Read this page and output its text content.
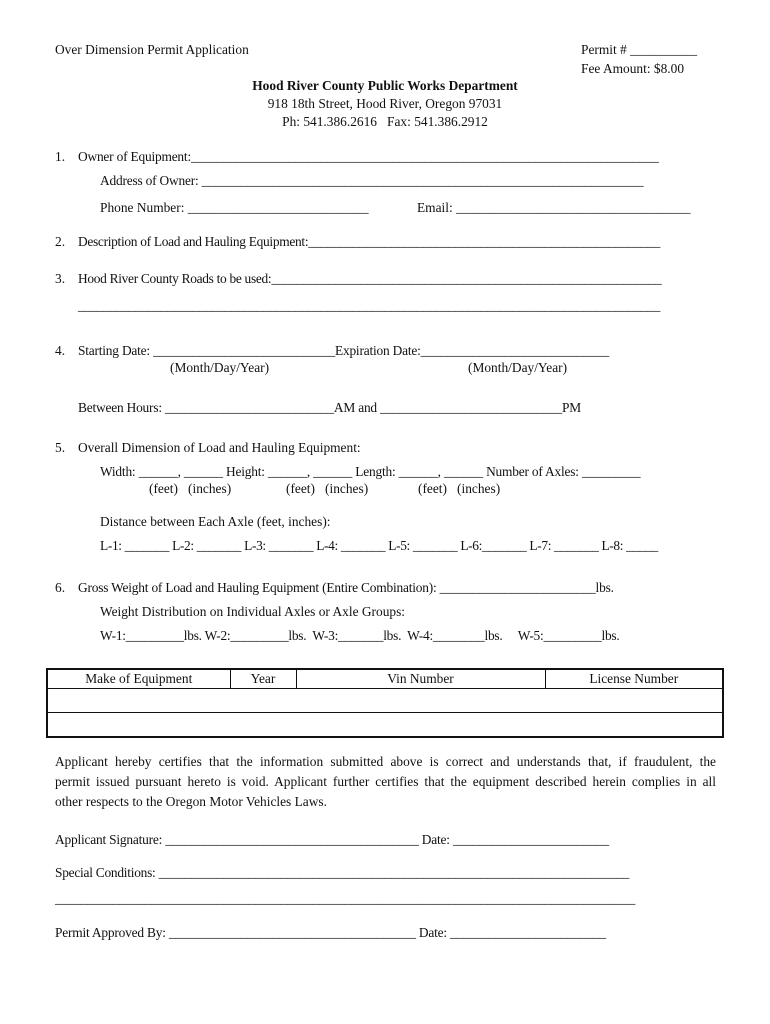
Over Dimension Permit Application	Permit # __________
Fee Amount: $8.00
Hood River County Public Works Department
918 18th Street, Hood River, Oregon 97031
Ph: 541.386.2616   Fax: 541.386.2912
1. Owner of Equipment:________________________________________________________________________
Address of Owner: ____________________________________________________________________
Phone Number: ___________________________	Email: ___________________________________
2. Description of Load and Hauling Equipment:_______________________________________________________
3. Hood River County Roads to be used:_____________________________________________________________
___________________________________________________________________________________________
4. Starting Date: ____________________________Expiration Date:_____________________________
(Month/Day/Year)	(Month/Day/Year)
Between Hours: __________________________AM and ____________________________PM
5. Overall Dimension of Load and Hauling Equipment:
Width: ______, ______ Height: ______, ______ Length: ______, ______ Number of Axles: _________
(feet)   (inches)	(feet)   (inches)	(feet)   (inches)
Distance between Each Axle (feet, inches):
L-1: _______ L-2: _______ L-3: _______ L-4: _______ L-5: _______ L-6:_______ L-7: _______ L-8: _____
6. Gross Weight of Load and Hauling Equipment (Entire Combination): ________________________lbs.
Weight Distribution on Individual Axles or Axle Groups:
W-1:_________lbs. W-2:_________lbs.  W-3:_______lbs.  W-4:________lbs.     W-5:_________lbs.
Make of Equipment	Year	Vin Number	License Number

Applicant hereby certifies that the information submitted above is correct and understands that, if fraudulent, the
permit issued pursuant hereto is void. Applicant further certifies that the equipment described herein complies in all
other respects to the Oregon Motor Vehicles Laws.
Applicant Signature: _______________________________________ Date: ________________________
Special Conditions: _________________________________________________________________________
__________________________________________________________________________________________
Permit Approved By: ______________________________________ Date: ________________________
